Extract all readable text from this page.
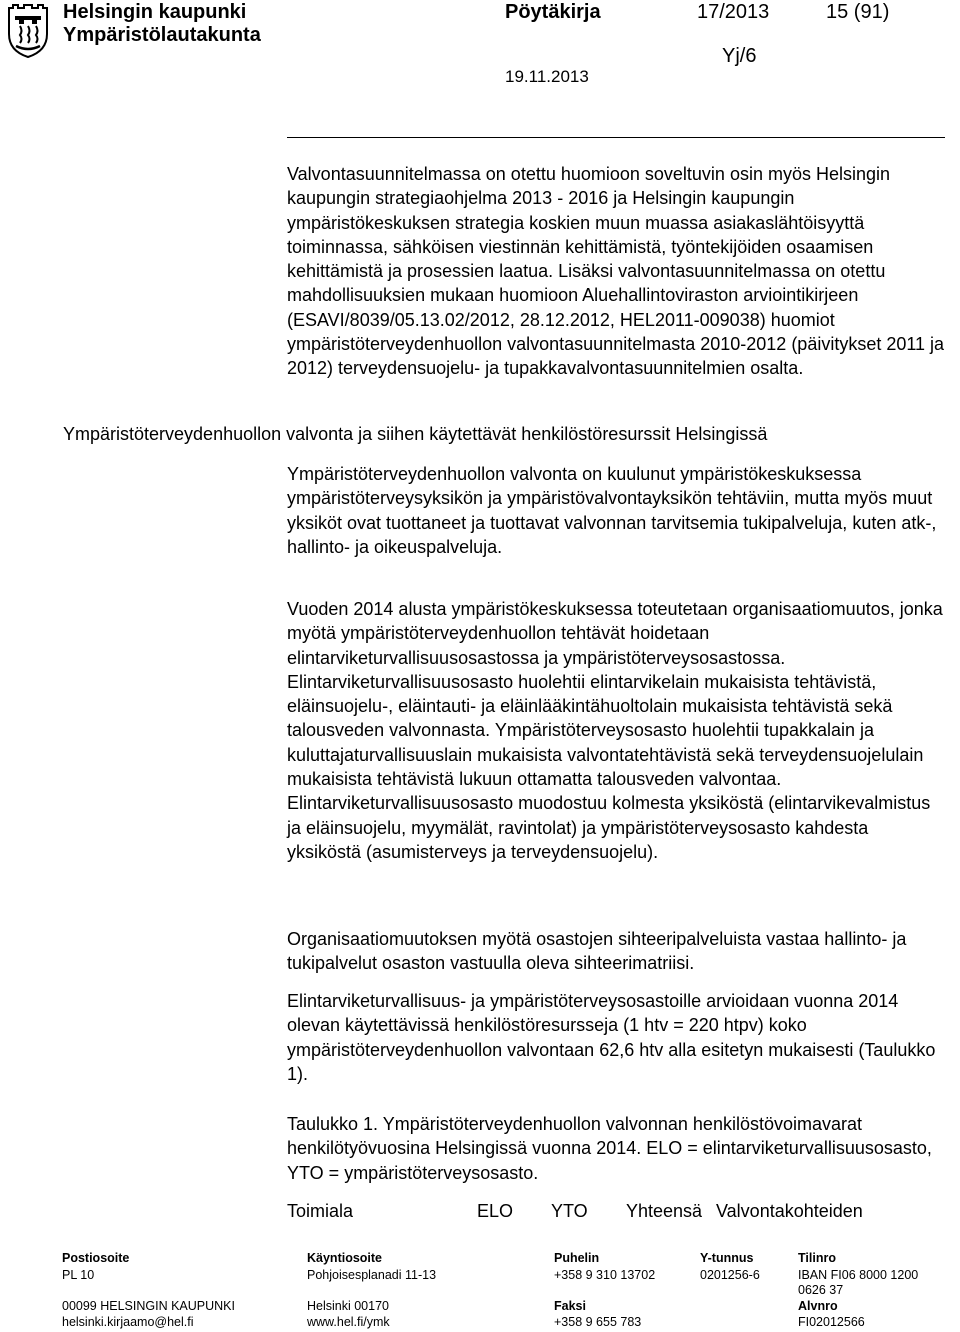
Helsingin kaupunki
Ympäristölautakunta
Pöytäkirja	17/2013	15 (91)
Yj/6
19.11.2013
Valvontasuunnitelmassa on otettu huomioon soveltuvin osin myös Helsingin kaupungin strategiaohjelma 2013 - 2016 ja Helsingin kaupungin ympäristökeskuksen strategia koskien muun muassa asiakaslähtöisyyttä toiminnassa, sähköisen viestinnän kehittämistä, työntekijöiden osaamisen kehittämistä ja prosessien laatua. Lisäksi valvontasuunnitelmassa on otettu mahdollisuuksien mukaan huomioon Aluehallintoviraston arviointikirjeen (ESAVI/8039/05.13.02/2012, 28.12.2012, HEL2011-009038) huomiot ympäristöterveydenhuollon valvontasuunnitelmasta 2010-2012 (päivitykset 2011 ja 2012) terveydensuojelu- ja tupakkavalvontasuunnitelmien osalta.
Ympäristöterveydenhuollon valvonta ja siihen käytettävät henkilöstöresurssit Helsingissä
Ympäristöterveydenhuollon valvonta on kuulunut ympäristökeskuksessa ympäristöterveysyksikön ja ympäristövalvontayksikön tehtäviin, mutta myös muut yksiköt ovat tuottaneet ja tuottavat valvonnan tarvitsemia tukipalveluja, kuten atk-, hallinto- ja oikeuspalveluja.
Vuoden 2014 alusta ympäristökeskuksessa toteutetaan organisaatiomuutos, jonka myötä ympäristöterveydenhuollon tehtävät hoidetaan elintarviketurvallisuusosastossa ja ympäristöterveysosastossa. Elintarviketurvallisuusosasto huolehtii elintarvikelain mukaisista tehtävistä, eläinsuojelu-, eläintauti- ja eläinlääkintähuoltolain mukaisista tehtävistä sekä talousveden valvonnasta. Ympäristöterveysosasto huolehtii tupakkalain ja kuluttajaturvallisuuslain mukaisista valvontatehtävistä sekä terveydensuojelulain mukaisista tehtävistä lukuun ottamatta talousveden valvontaa. Elintarviketurvallisuusosasto muodostuu kolmesta yksiköstä (elintarvikevalmistus ja eläinsuojelu, myymälät, ravintolat) ja ympäristöterveysosasto kahdesta yksiköstä (asumisterveys ja terveydensuojelu).
Organisaatiomuutoksen myötä osastojen sihteeripalveluista vastaa hallinto- ja tukipalvelut osaston vastuulla oleva sihteerimatriisi.
Elintarviketurvallisuus- ja ympäristöterveysosastoille arvioidaan vuonna 2014 olevan käytettävissä henkilöstöresursseja (1 htv = 220 htpv) koko ympäristöterveydenhuollon valvontaan 62,6 htv alla esitetyn mukaisesti (Taulukko 1).
Taulukko 1. Ympäristöterveydenhuollon valvonnan henkilöstövoimavarat henkilötyövuosina Helsingissä vuonna 2014. ELO = elintarviketurvallisuusosasto, YTO = ympäristöterveysosasto.
Toimiala	ELO YTO Yhteensä Valvontakohteiden
Postiosoite
PL 10
00099 HELSINGIN KAUPUNKI
helsinki.kirjaamo@hel.fi
Käyntiosoite
Pohjoisesplanadi 11-13
Helsinki 00170
www.hel.fi/ymk
Puhelin
+358 9 310 13702
Faksi
+358 9 655 783
Y-tunnus
0201256-6
Tilinro
IBAN FI06 8000 1200
0626 37
Alvnro
FI02012566
